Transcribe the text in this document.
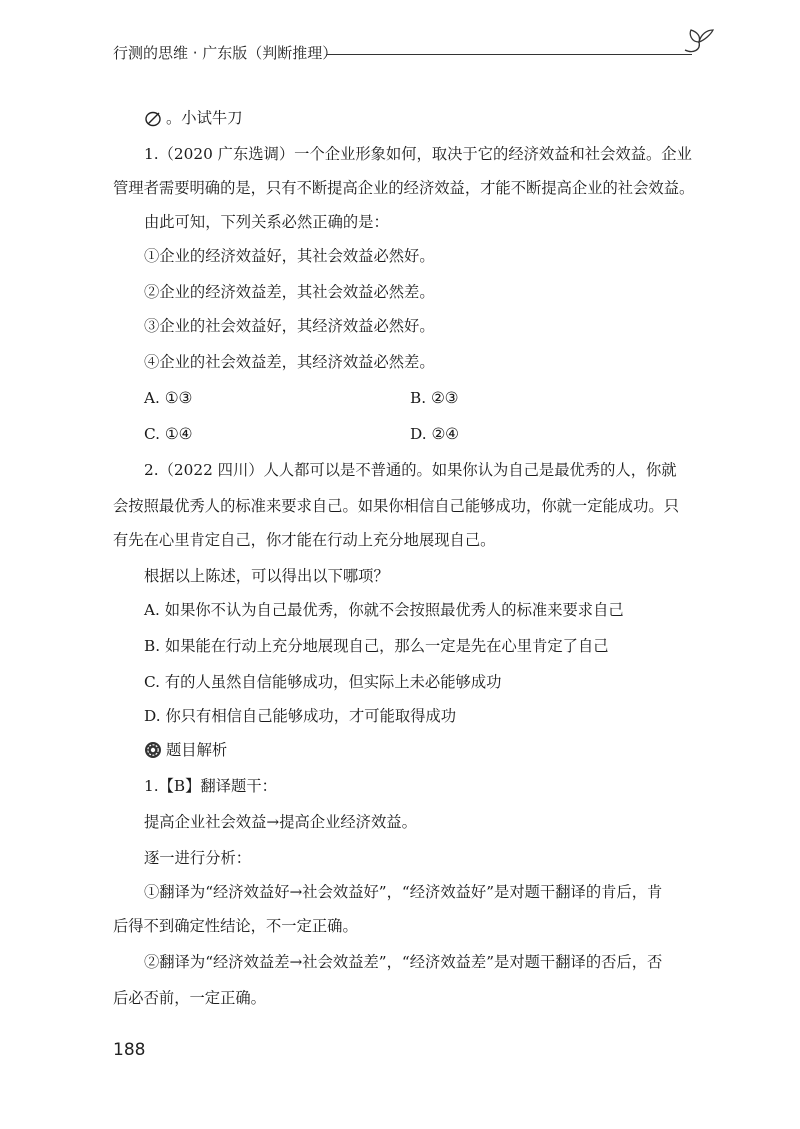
行测的思维 · 广东版（判断推理）
。小试牛刀
1.（2020 广东选调）一个企业形象如何，取决于它的经济效益和社会效益。企业
管理者需要明确的是，只有不断提高企业的经济效益，才能不断提高企业的社会效益。
由此可知，下列关系必然正确的是：
①企业的经济效益好，其社会效益必然好。
②企业的经济效益差，其社会效益必然差。
③企业的社会效益好，其经济效益必然好。
④企业的社会效益差，其经济效益必然差。
A. ①③	B. ②③
C. ①④	D. ②④
2.（2022 四川）人人都可以是不普通的。如果你认为自己是最优秀的人，你就
会按照最优秀人的标准来要求自己。如果你相信自己能够成功，你就一定能成功。只
有先在心里肯定自己，你才能在行动上充分地展现自己。
根据以上陈述，可以得出以下哪项？
A. 如果你不认为自己最优秀，你就不会按照最优秀人的标准来要求自己
B. 如果能在行动上充分地展现自己，那么一定是先在心里肯定了自己
C. 有的人虽然自信能够成功，但实际上未必能够成功
D. 你只有相信自己能够成功，才可能取得成功
题目解析
1.【B】翻译题干：
提高企业社会效益→提高企业经济效益。
逐一进行分析：
①翻译为“经济效益好→社会效益好”，“经济效益好”是对题干翻译的肯后，肯
后得不到确定性结论，不一定正确。
②翻译为“经济效益差→社会效益差”，“经济效益差”是对题干翻译的否后，否
后必否前，一定正确。
188
